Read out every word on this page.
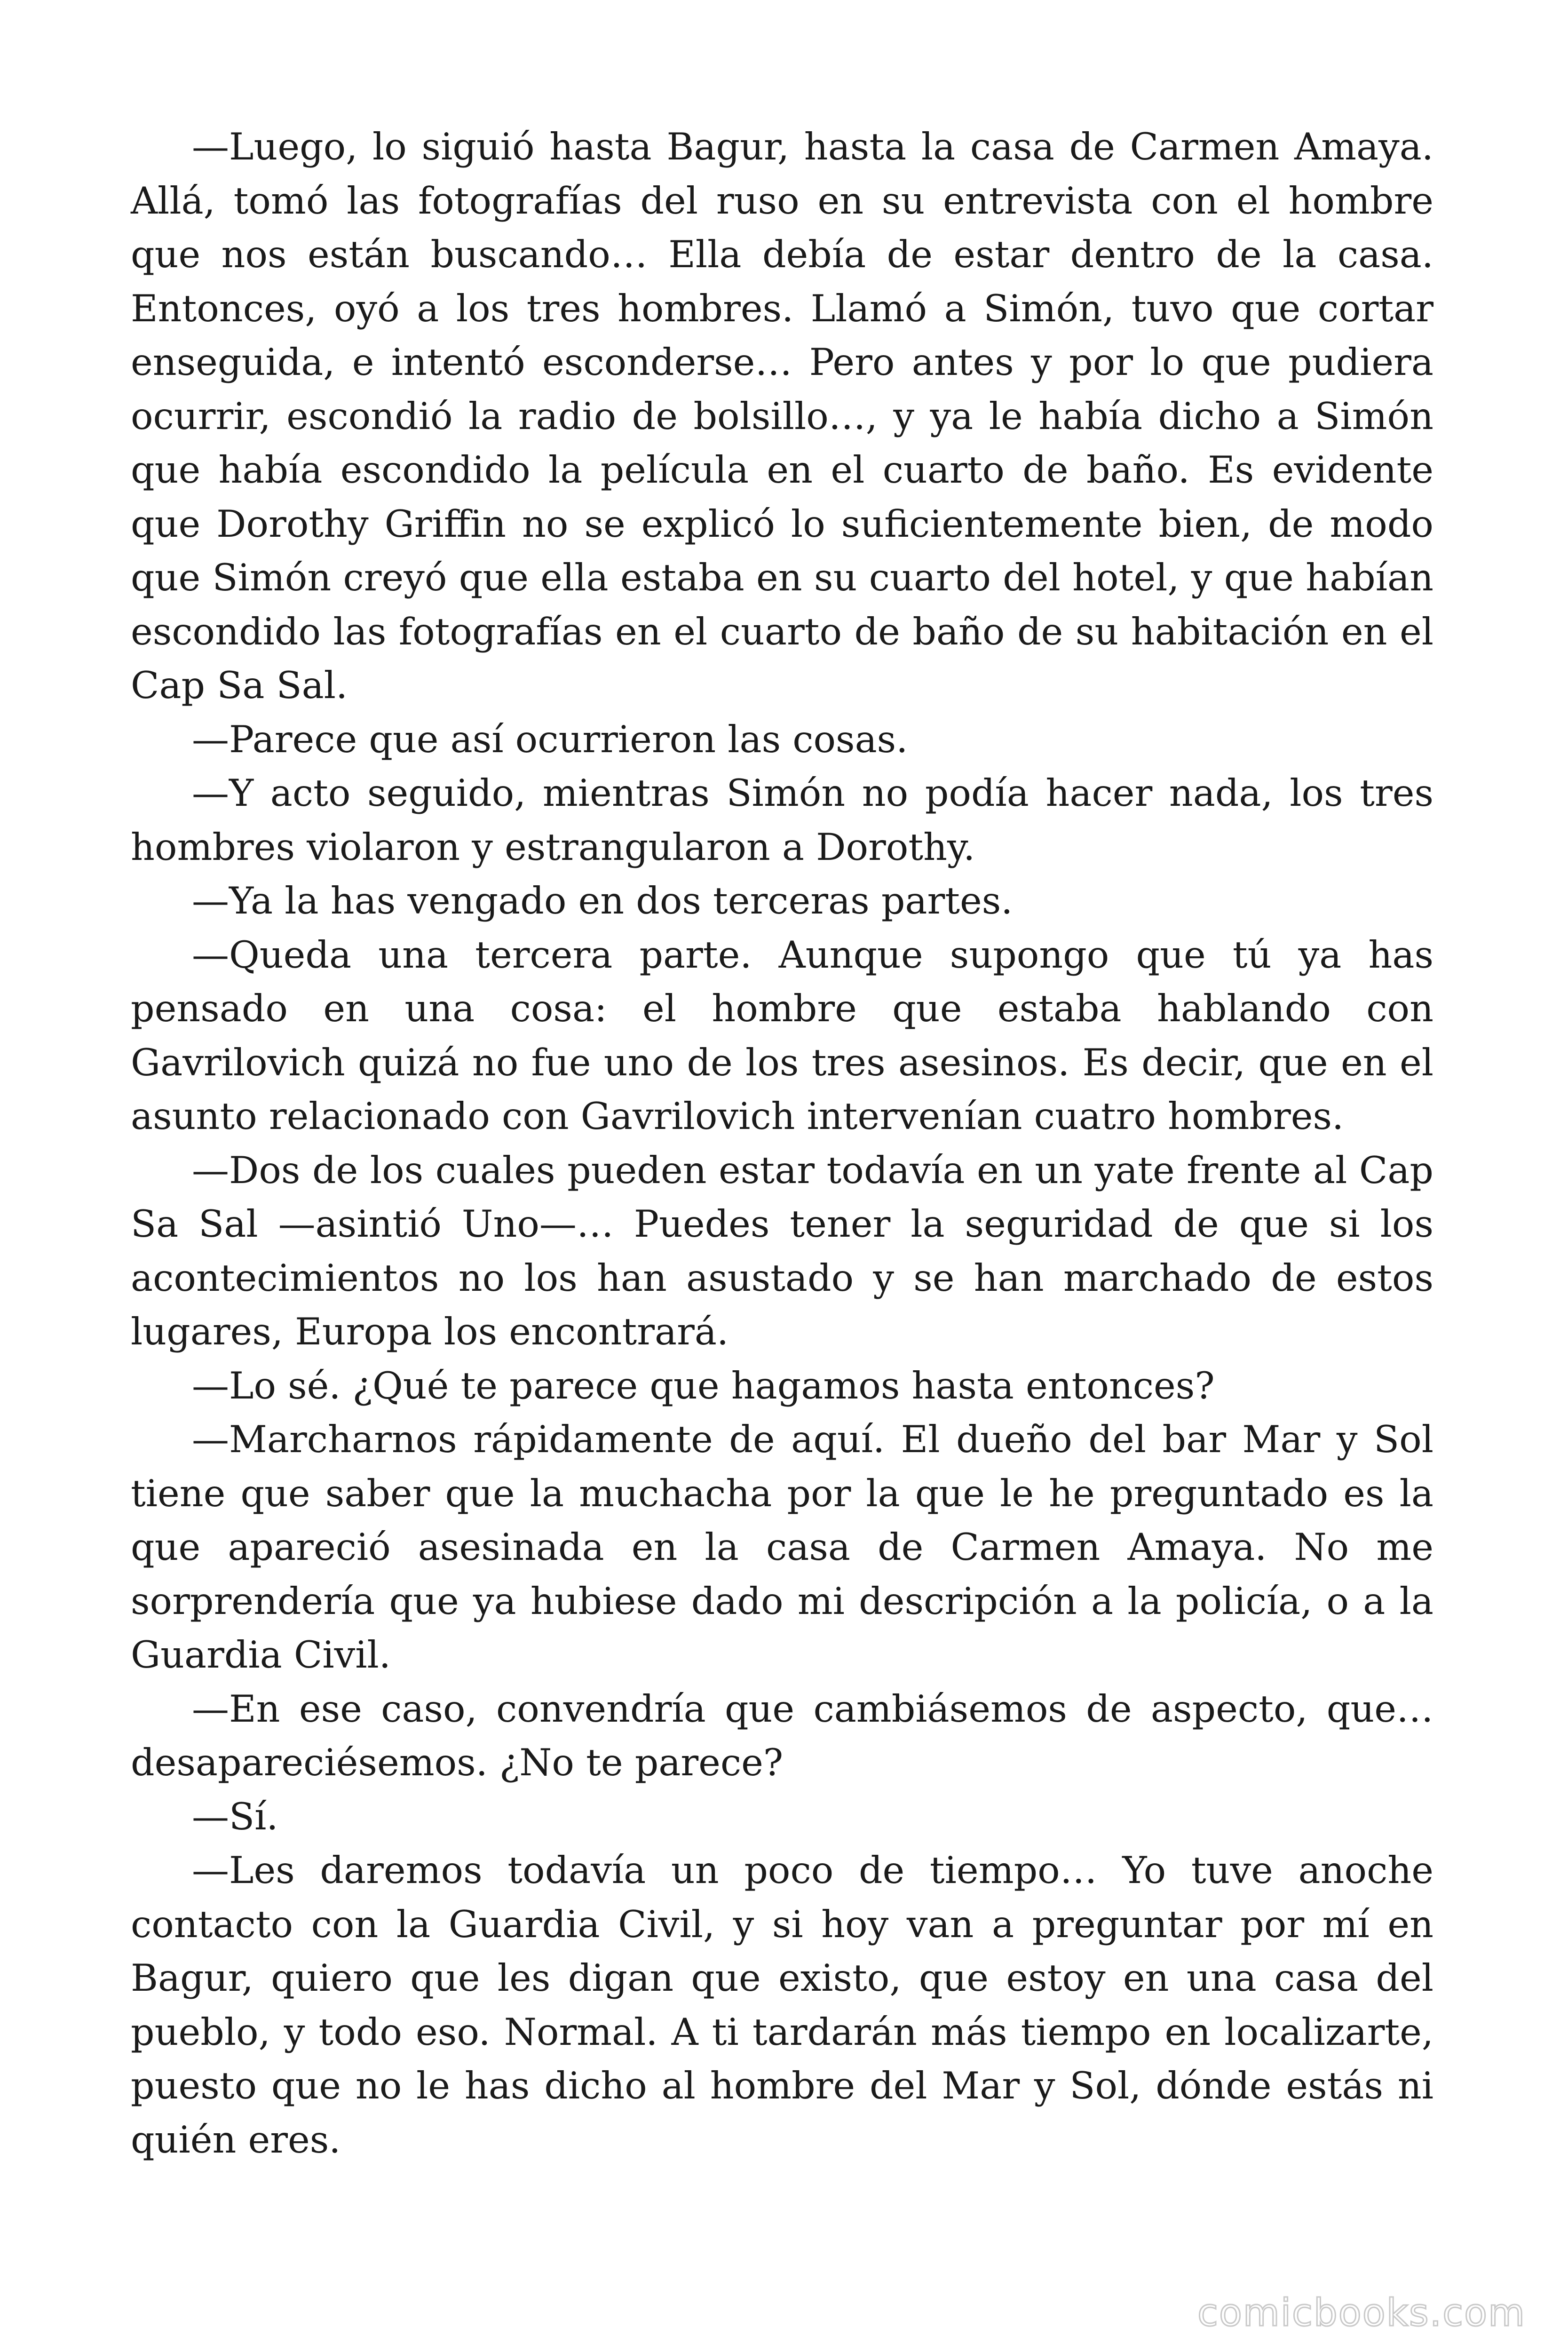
—Luego, lo siguió hasta Bagur, hasta la casa de Carmen Amaya. Allá, tomó las fotografías del ruso en su entrevista con el hombre que nos están buscando… Ella debía de estar dentro de la casa. Entonces, oyó a los tres hombres. Llamó a Simón, tuvo que cortar enseguida, e intentó esconderse… Pero antes y por lo que pudiera ocurrir, escondió la radio de bolsillo…, y ya le había dicho a Simón que había escondido la película en el cuarto de baño. Es evidente que Dorothy Griffin no se explicó lo suficientemente bien, de modo que Simón creyó que ella estaba en su cuarto del hotel, y que habían escondido las fotografías en el cuarto de baño de su habitación en el Cap Sa Sal.

—Parece que así ocurrieron las cosas.

—Y acto seguido, mientras Simón no podía hacer nada, los tres hombres violaron y estrangularon a Dorothy.

—Ya la has vengado en dos terceras partes.

—Queda una tercera parte. Aunque supongo que tú ya has pensado en una cosa: el hombre que estaba hablando con Gavrilovich quizá no fue uno de los tres asesinos. Es decir, que en el asunto relacionado con Gavrilovich intervenían cuatro hombres.

—Dos de los cuales pueden estar todavía en un yate frente al Cap Sa Sal —asintió Uno—… Puedes tener la seguridad de que si los acontecimientos no los han asustado y se han marchado de estos lugares, Europa los encontrará.

—Lo sé. ¿Qué te parece que hagamos hasta entonces?

—Marcharnos rápidamente de aquí. El dueño del bar Mar y Sol tiene que saber que la muchacha por la que le he preguntado es la que apareció asesinada en la casa de Carmen Amaya. No me sorprendería que ya hubiese dado mi descripción a la policía, o a la Guardia Civil.

—En ese caso, convendría que cambiásemos de aspecto, que… desapareciésemos. ¿No te parece?

—Sí.

—Les daremos todavía un poco de tiempo… Yo tuve anoche contacto con la Guardia Civil, y si hoy van a preguntar por mí en Bagur, quiero que les digan que existo, que estoy en una casa del pueblo, y todo eso. Normal. A ti tardarán más tiempo en localizarte, puesto que no le has dicho al hombre del Mar y Sol, dónde estás ni quién eres.

comicbooks.com
